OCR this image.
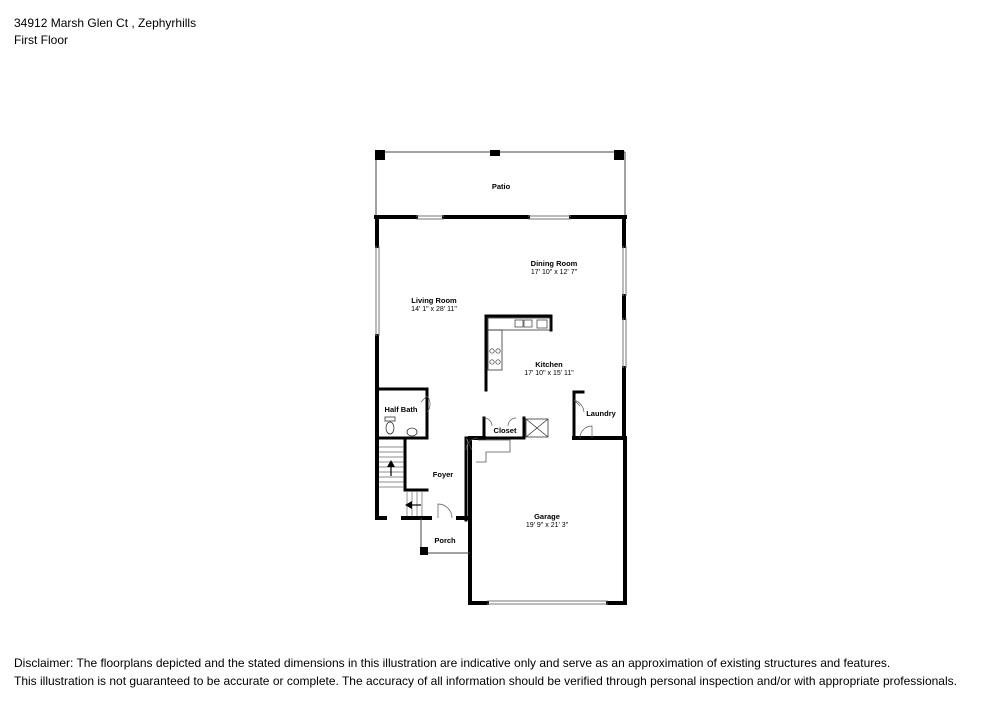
34912 Marsh Glen Ct , Zephyrhills
First Floor
Patio
Dining Room
17' 10" x 12' 7"
Living Room
14' 1" x 28' 11"
Kitchen
17' 10" x 15' 11"
Laundry
Half Bath
Closet
Foyer
Garage
19' 9" x 21' 3"
Porch
Disclaimer: The floorplans depicted and the stated dimensions in this illustration are indicative only and serve as an approximation of existing structures and features.
This illustration is not guaranteed to be accurate or complete. The accuracy of all information should be verified through personal inspection and/or with appropriate professionals.
